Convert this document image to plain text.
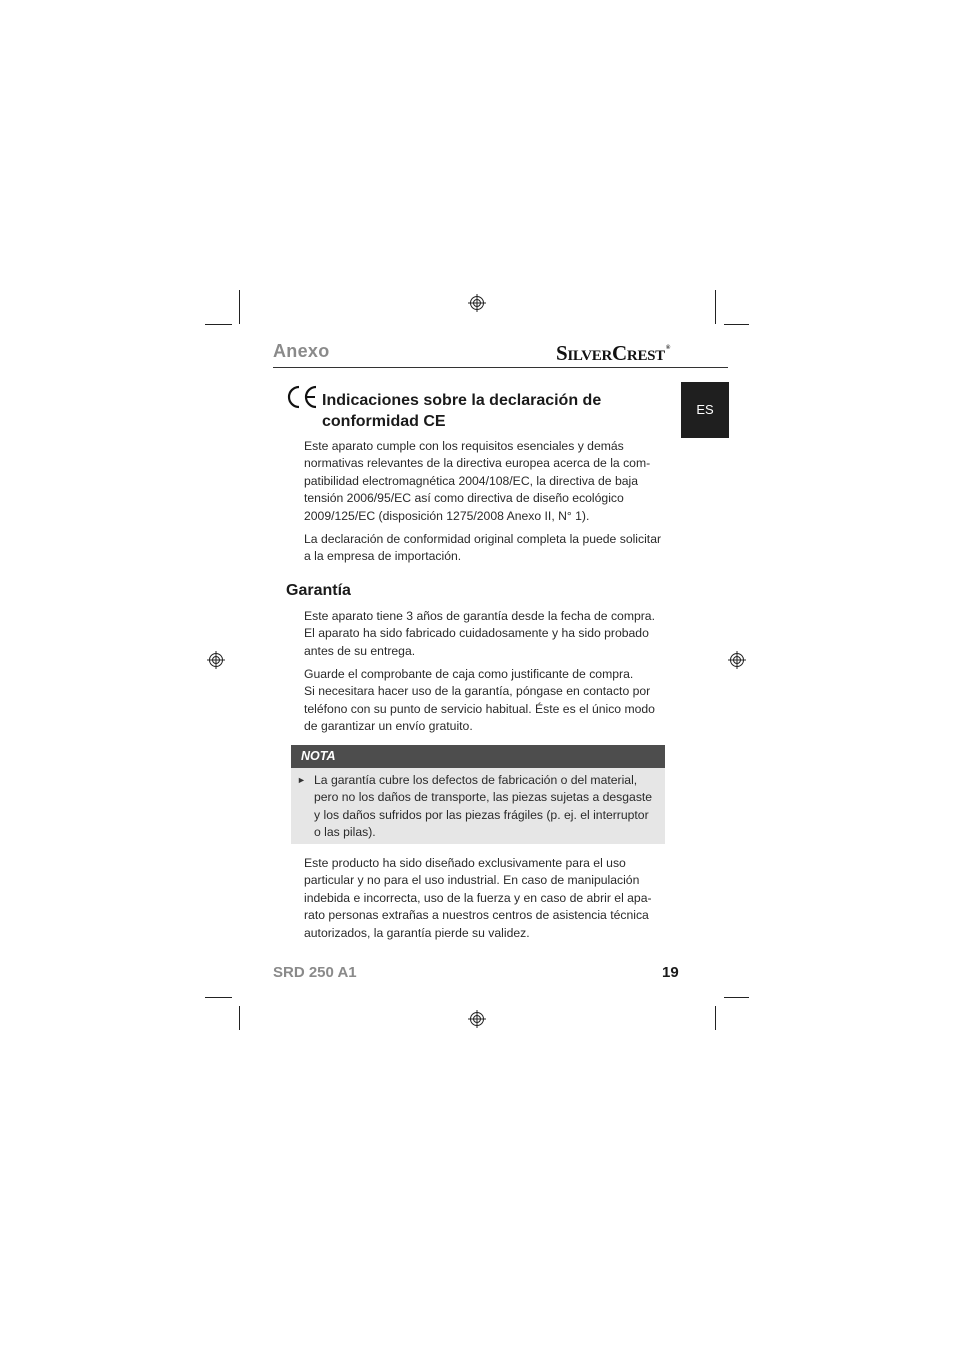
Anexo	SILVERCREST®
ES
Indicaciones sobre la declaración de
conformidad CE
Este aparato cumple con los requisitos esenciales y demás
normativas relevantes de la directiva europea acerca de la com-
patibilidad electromagnética 2004/108/EC, la directiva de baja
tensión 2006/95/EC así como directiva de diseño ecológico
2009/125/EC (disposición 1275/2008 Anexo II, N° 1).
La declaración de conformidad original completa la puede solicitar
a la empresa de importación.
Garantía
Este aparato tiene 3 años de garantía desde la fecha de compra.
El aparato ha sido fabricado cuidadosamente y ha sido probado
antes de su entrega.
Guarde el comprobante de caja como justificante de compra.
Si necesitara hacer uso de la garantía, póngase en contacto por
teléfono con su punto de servicio habitual. Éste es el único modo
de garantizar un envío gratuito.
NOTA
► La garantía cubre los defectos de fabricación o del material,
pero no los daños de transporte, las piezas sujetas a desgaste
y los daños sufridos por las piezas frágiles (p. ej. el interruptor
o las pilas).
Este producto ha sido diseñado exclusivamente para el uso
particular y no para el uso industrial. En caso de manipulación
indebida e incorrecta, uso de la fuerza y en caso de abrir el apa-
rato personas extrañas a nuestros centros de asistencia técnica
autorizados, la garantía pierde su validez.
SRD 250 A1	19
